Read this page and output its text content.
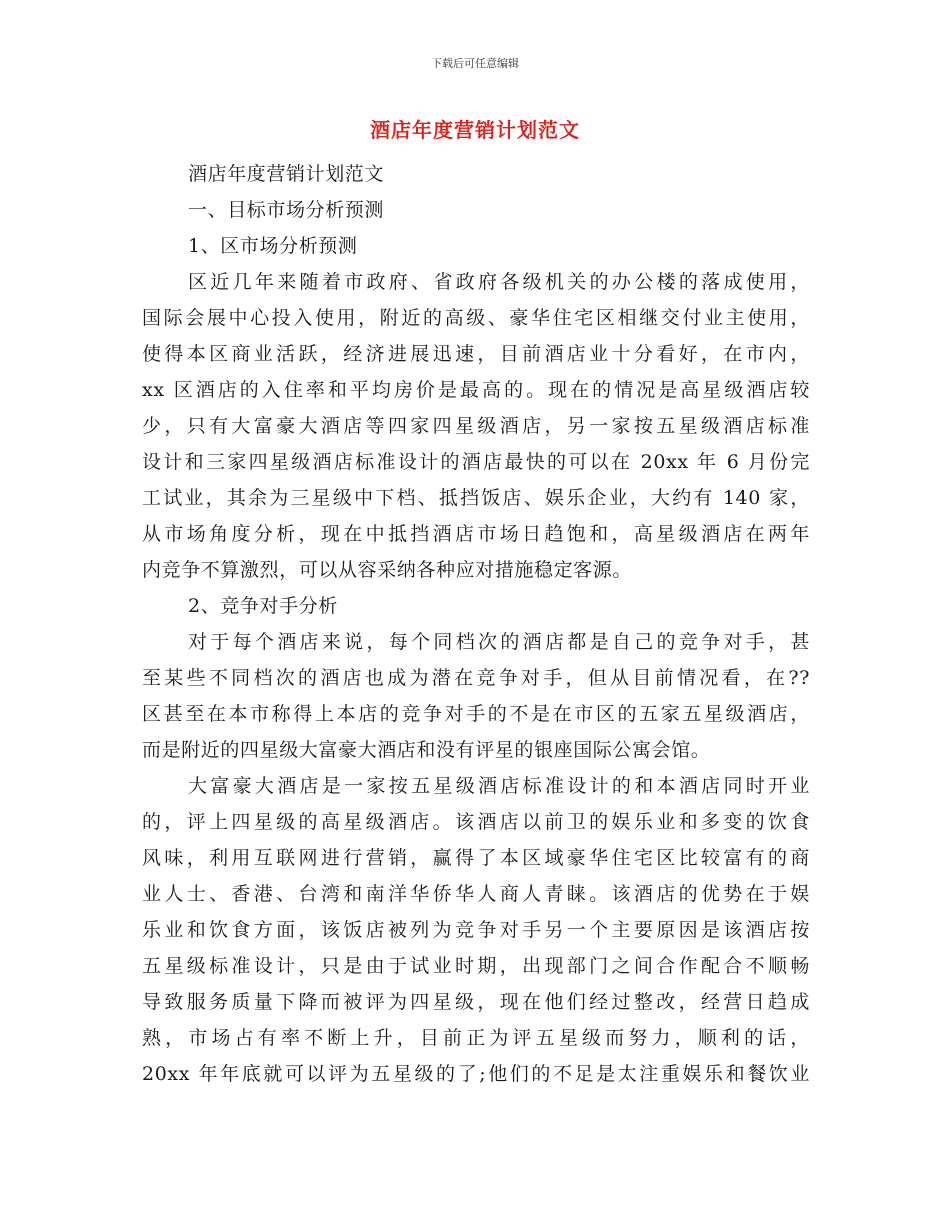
下载后可任意编辑
酒店年度营销计划范文
酒店年度营销计划范文
一、目标市场分析预测
1、区市场分析预测
区近几年来随着市政府、省政府各级机关的办公楼的落成使用，
国际会展中心投入使用，附近的高级、豪华住宅区相继交付业主使用，
使得本区商业活跃，经济进展迅速，目前酒店业十分看好，在市内，
xx 区酒店的入住率和平均房价是最高的。现在的情况是高星级酒店较
少，只有大富豪大酒店等四家四星级酒店，另一家按五星级酒店标准
设计和三家四星级酒店标准设计的酒店最快的可以在 20xx 年 6 月份完
工试业，其余为三星级中下档、抵挡饭店、娱乐企业，大约有 140 家，
从市场角度分析，现在中抵挡酒店市场日趋饱和，高星级酒店在两年
内竞争不算激烈，可以从容采纳各种应对措施稳定客源。
2、竞争对手分析
对于每个酒店来说，每个同档次的酒店都是自己的竞争对手，甚
至某些不同档次的酒店也成为潜在竞争对手，但从目前情况看，在??
区甚至在本市称得上本店的竞争对手的不是在市区的五家五星级酒店，
而是附近的四星级大富豪大酒店和没有评星的银座国际公寓会馆。
大富豪大酒店是一家按五星级酒店标准设计的和本酒店同时开业
的，评上四星级的高星级酒店。该酒店以前卫的娱乐业和多变的饮食
风味，利用互联网进行营销，赢得了本区域豪华住宅区比较富有的商
业人士、香港、台湾和南洋华侨华人商人青睐。该酒店的优势在于娱
乐业和饮食方面，该饭店被列为竞争对手另一个主要原因是该酒店按
五星级标准设计，只是由于试业时期，出现部门之间合作配合不顺畅
导致服务质量下降而被评为四星级，现在他们经过整改，经营日趋成
熟，市场占有率不断上升，目前正为评五星级而努力，顺利的话，
20xx 年年底就可以评为五星级的了;他们的不足是太注重娱乐和餐饮业
